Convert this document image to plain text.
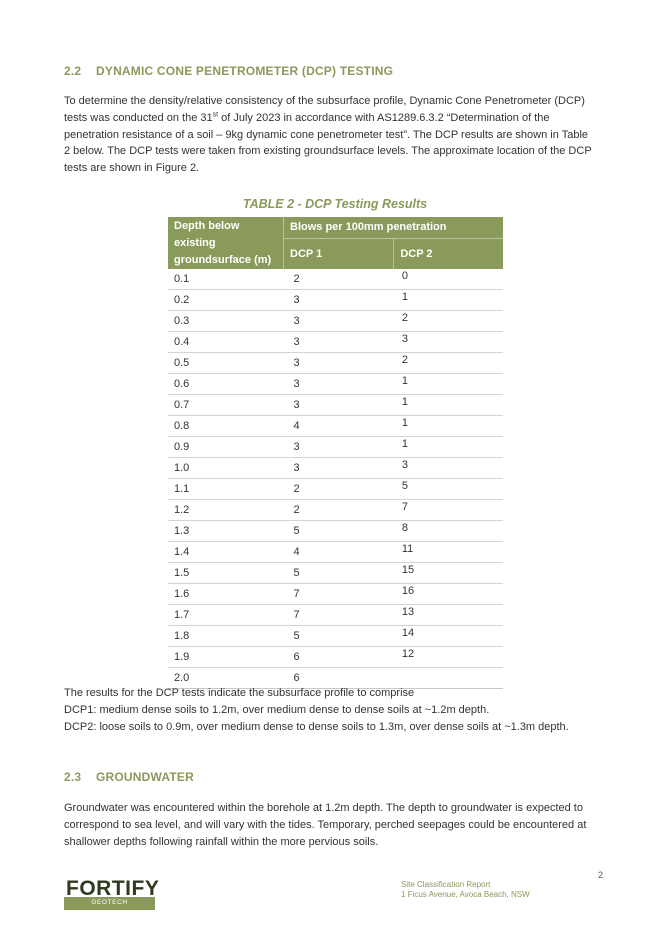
2.2 DYNAMIC CONE PENETROMETER (DCP) TESTING

To determine the density/relative consistency of the subsurface profile, Dynamic Cone Penetrometer (DCP)
tests was conducted on the 31st of July 2023 in accordance with AS1289.6.3.2 “Determination of the
penetration resistance of a soil – 9kg dynamic cone penetrometer test”. The DCP results are shown in Table
2 below. The DCP tests were taken from existing groundsurface levels. The approximate location of the DCP
tests are shown in Figure 2.

TABLE 2 - DCP Testing Results
Depth below existing groundsurface (m)	Blows per 100mm penetration	
	DCP 1	DCP 2
0.1	2	0
0.2	3	1
0.3	3	2
0.4	3	3
0.5	3	2
0.6	3	1
0.7	3	1
0.8	4	1
0.9	3	1
1.0	3	3
1.1	2	5
1.2	2	7
1.3	5	8
1.4	4	11
1.5	5	15
1.6	7	16
1.7	7	13
1.8	5	14
1.9	6	12
2.0	6	
The results for the DCP tests indicate the subsurface profile to comprise
DCP1: medium dense soils to 1.2m, over medium dense to dense soils at ~1.2m depth.
DCP2: loose soils to 0.9m, over medium dense to dense soils to 1.3m, over dense soils at ~1.3m depth.
2.3 GROUNDWATER

Groundwater was encountered within the borehole at 1.2m depth. The depth to groundwater is expected to
correspond to sea level, and will vary with the tides. Temporary, perched seepages could be encountered at
shallower depths following rainfall within the more pervious soils.

FORTIFY
GEOTECH
Site Classification Report
1 Ficus Avenue, Avoca Beach, NSW
2
